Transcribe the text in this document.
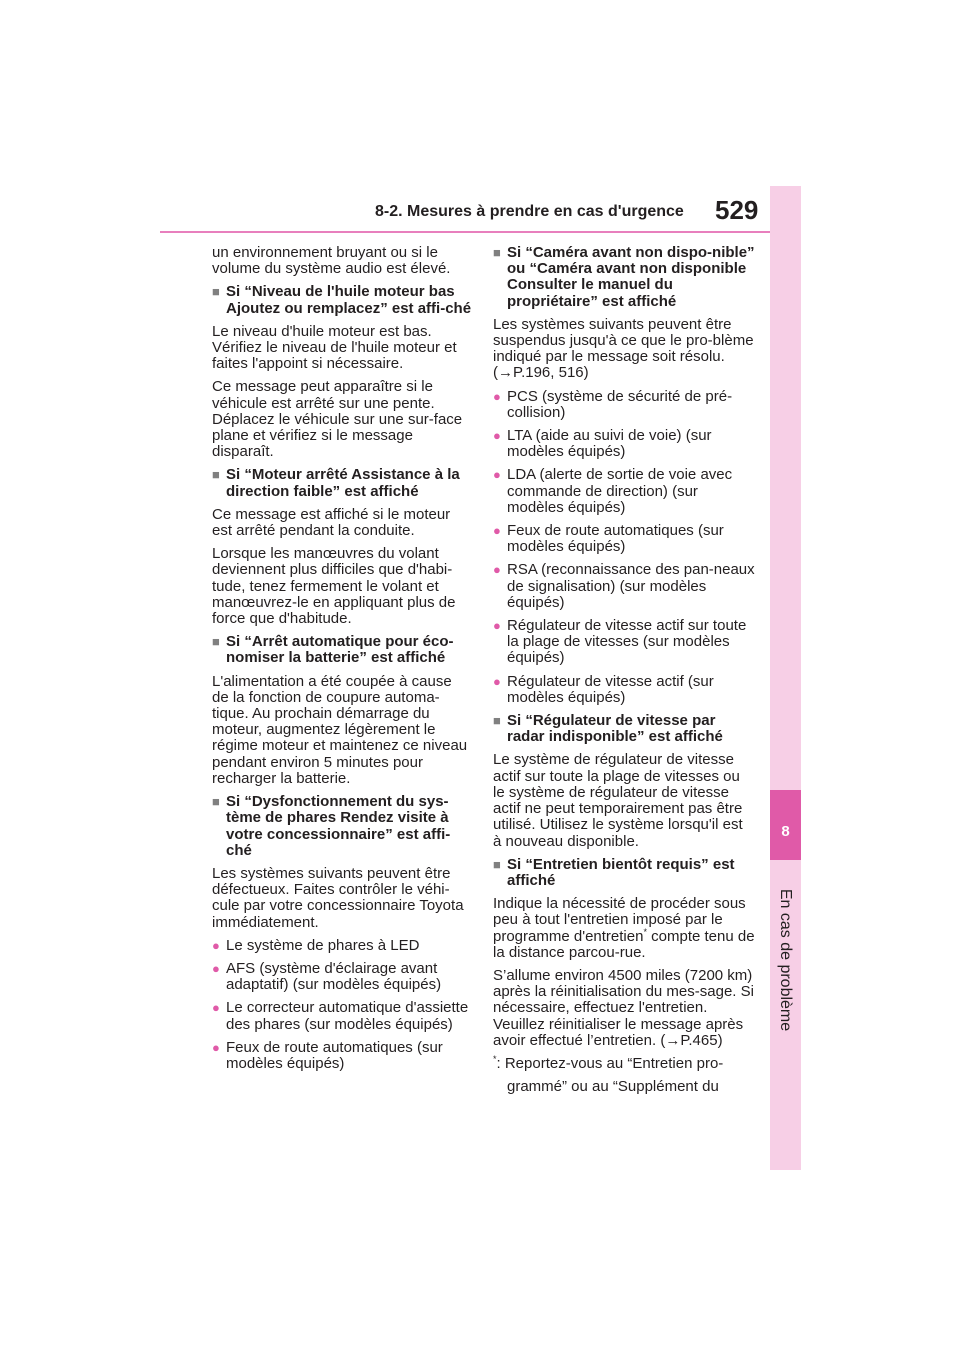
8
En cas de problème
8-2. Mesures à prendre en cas d'urgence 529

un environnement bruyant ou si le volume du système audio est élevé.

■ Si “Niveau de l'huile moteur bas Ajoutez ou remplacez” est affi-ché

Le niveau d'huile moteur est bas. Vérifiez le niveau de l'huile moteur et faites l'appoint si nécessaire.

Ce message peut apparaître si le véhicule est arrêté sur une pente. Déplacez le véhicule sur une sur-face plane et vérifiez si le message disparaît.

■ Si “Moteur arrêté Assistance à la direction faible” est affiché

Ce message est affiché si le moteur est arrêté pendant la conduite.

Lorsque les manœuvres du volant deviennent plus difficiles que d'habi-tude, tenez fermement le volant et manœuvrez-le en appliquant plus de force que d'habitude.

■ Si “Arrêt automatique pour éco-nomiser la batterie” est affiché

L'alimentation a été coupée à cause de la fonction de coupure automa-tique. Au prochain démarrage du moteur, augmentez légèrement le régime moteur et maintenez ce niveau pendant environ 5 minutes pour recharger la batterie.

■ Si “Dysfonctionnement du sys-tème de phares Rendez visite à votre concessionnaire” est affi-ché

Les systèmes suivants peuvent être défectueux. Faites contrôler le véhi-cule par votre concessionnaire Toyota immédiatement.

● Le système de phares à LED
● AFS (système d'éclairage avant adaptatif) (sur modèles équipés)
● Le correcteur automatique d'assiette des phares (sur modèles équipés)
● Feux de route automatiques (sur modèles équipés)
■ Si “Caméra avant non dispo-nible” ou “Caméra avant non disponible Consulter le manuel du propriétaire” est affiché

Les systèmes suivants peuvent être suspendus jusqu'à ce que le pro-blème indiqué par le message soit résolu. (→P.196, 516)

● PCS (système de sécurité de pré-collision)
● LTA (aide au suivi de voie) (sur modèles équipés)
● LDA (alerte de sortie de voie avec commande de direction) (sur modèles équipés)
● Feux de route automatiques (sur modèles équipés)
● RSA (reconnaissance des pan-neaux de signalisation) (sur modèles équipés)
● Régulateur de vitesse actif sur toute la plage de vitesses (sur modèles équipés)
● Régulateur de vitesse actif (sur modèles équipés)
■ Si “Régulateur de vitesse par radar indisponible” est affiché

Le système de régulateur de vitesse actif sur toute la plage de vitesses ou le système de régulateur de vitesse actif ne peut temporairement pas être utilisé. Utilisez le système lorsqu'il est à nouveau disponible.

■ Si “Entretien bientôt requis” est affiché

Indique la nécessité de procéder sous peu à tout l'entretien imposé par le programme d'entretien* compte tenu de la distance parcou-rue.

S’allume environ 4500 miles (7200 km) après la réinitialisation du mes-sage. Si nécessaire, effectuez l'entretien. Veuillez réinitialiser le message après avoir effectué l’entretien. (→P.465)

*: Reportez-vous au “Entretien pro-

grammé” ou au “Supplément du
